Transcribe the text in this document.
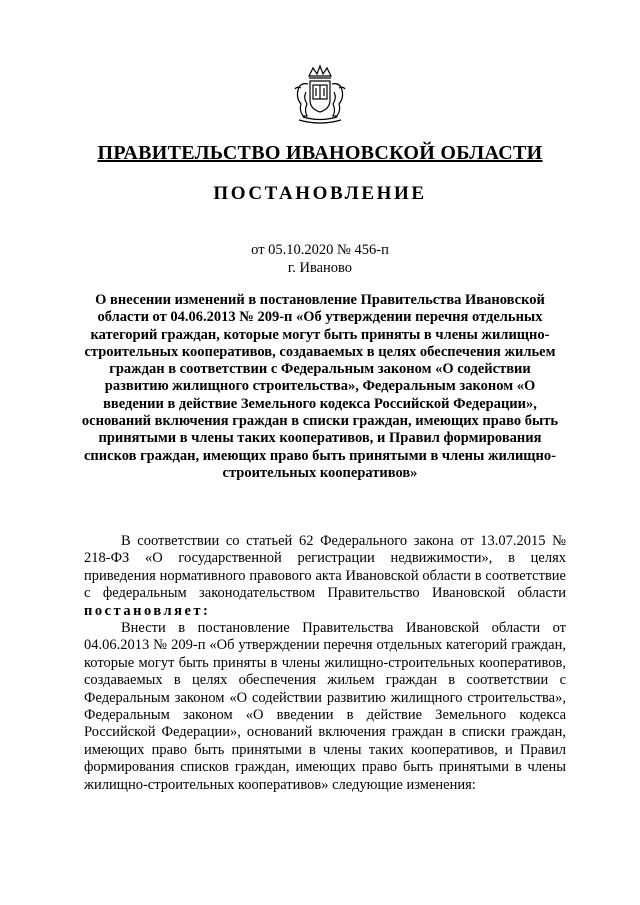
ПРАВИТЕЛЬСТВО ИВАНОВСКОЙ ОБЛАСТИ
ПОСТАНОВЛЕНИЕ
от 05.10.2020 № 456-п
г. Иваново

О внесении изменений в постановление Правительства Ивановской области от 04.06.2013 № 209-п «Об утверждении перечня отдельных категорий граждан, которые могут быть приняты в члены жилищно-строительных кооперативов, создаваемых в целях обеспечения жильем граждан в соответствии с Федеральным законом «О содействии развитию жилищного строительства», Федеральным законом «О введении в действие Земельного кодекса Российской Федерации», оснований включения граждан в списки граждан, имеющих право быть принятыми в члены таких кооперативов, и Правил формирования списков граждан, имеющих право быть принятыми в члены жилищно-строительных кооперативов»

В соответствии со статьей 62 Федерального закона от 13.07.2015 № 218-ФЗ «О государственной регистрации недвижимости», в целях приведения нормативного правового акта Ивановской области в соответствие с федеральным законодательством Правительство Ивановской области постановляет:

Внести в постановление Правительства Ивановской области от 04.06.2013 № 209-п «Об утверждении перечня отдельных категорий граждан, которые могут быть приняты в члены жилищно-строительных кооперативов, создаваемых в целях обеспечения жильем граждан в соответствии с Федеральным законом «О содействии развитию жилищного строительства», Федеральным законом «О введении в действие Земельного кодекса Российской Федерации», оснований включения граждан в списки граждан, имеющих право быть принятыми в члены таких кооперативов, и Правил формирования списков граждан, имеющих право быть принятыми в члены жилищно-строительных кооперативов» следующие изменения:
